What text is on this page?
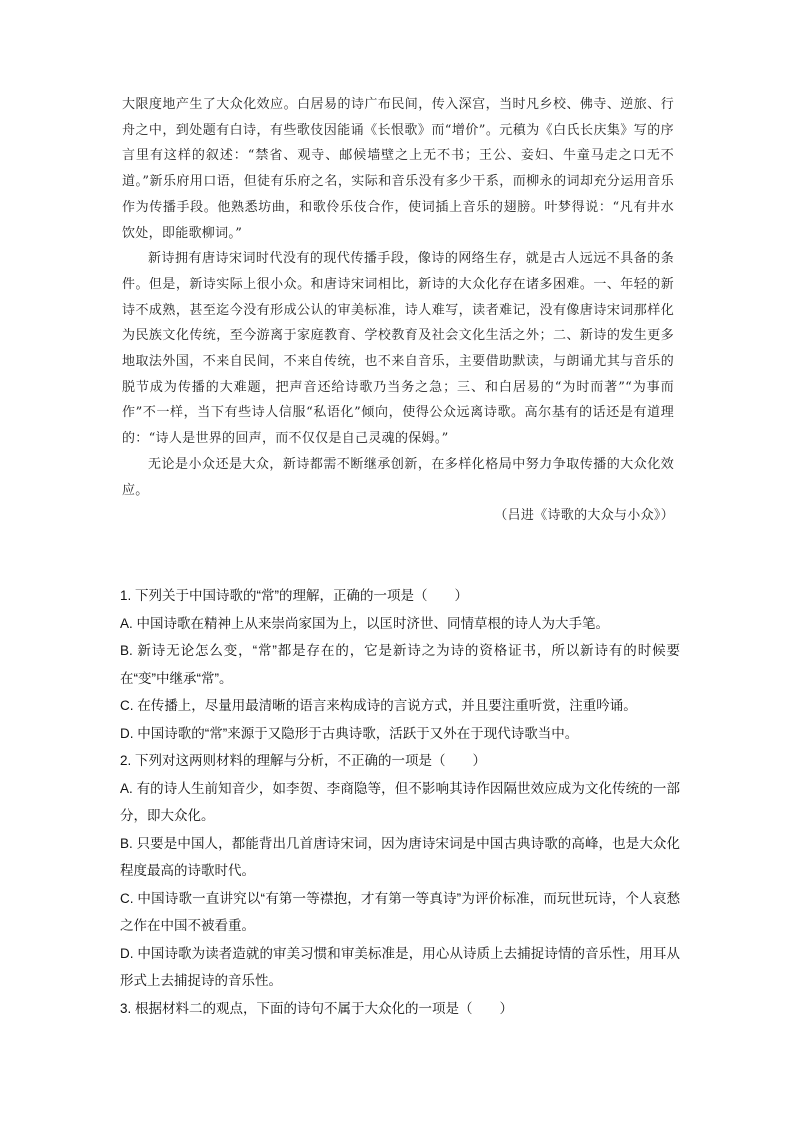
大限度地产生了大众化效应。白居易的诗广布民间，传入深宫，当时凡乡校、佛寺、逆旅、行舟之中，到处题有白诗，有些歌伎因能诵《长恨歌》而“增价”。元稹为《白氏长庆集》写的序言里有这样的叙述：“禁省、观寺、邮候墙壁之上无不书；王公、妾妇、牛童马走之口无不道。”新乐府用口语，但徒有乐府之名，实际和音乐没有多少干系，而柳永的词却充分运用音乐作为传播手段。他熟悉坊曲，和歌伶乐伎合作，使词插上音乐的翅膀。叶梦得说：“凡有井水饮处，即能歌柳词。”

新诗拥有唐诗宋词时代没有的现代传播手段，像诗的网络生存，就是古人远远不具备的条件。但是，新诗实际上很小众。和唐诗宋词相比，新诗的大众化存在诸多困难。一、年轻的新诗不成熟，甚至迄今没有形成公认的审美标准，诗人难写，读者难记，没有像唐诗宋词那样化为民族文化传统，至今游离于家庭教育、学校教育及社会文化生活之外；二、新诗的发生更多地取法外国，不来自民间，不来自传统，也不来自音乐，主要借助默读，与朗诵尤其与音乐的脱节成为传播的大难题，把声音还给诗歌乃当务之急；三、和白居易的“为时而著”“为事而作”不一样，当下有些诗人信服“私语化”倾向，使得公众远离诗歌。高尔基有的话还是有道理的：“诗人是世界的回声，而不仅仅是自己灵魂的保姆。”

无论是小众还是大众，新诗都需不断继承创新，在多样化格局中努力争取传播的大众化效应。

（吕进《诗歌的大众与小众》）

1. 下列关于中国诗歌的“常”的理解，正确的一项是（　　）

A. 中国诗歌在精神上从来崇尚家国为上，以匡时济世、同情草根的诗人为大手笔。

B. 新诗无论怎么变，“常”都是存在的，它是新诗之为诗的资格证书，所以新诗有的时候要在“变”中继承“常”。

C. 在传播上，尽量用最清晰的语言来构成诗的言说方式，并且要注重听赏，注重吟诵。

D. 中国诗歌的“常”来源于又隐形于古典诗歌，活跃于又外在于现代诗歌当中。

2. 下列对这两则材料的理解与分析，不正确的一项是（　　）

A. 有的诗人生前知音少，如李贺、李商隐等，但不影响其诗作因隔世效应成为文化传统的一部分，即大众化。

B. 只要是中国人，都能背出几首唐诗宋词，因为唐诗宋词是中国古典诗歌的高峰，也是大众化程度最高的诗歌时代。

C. 中国诗歌一直讲究以“有第一等襟抱，才有第一等真诗”为评价标准，而玩世玩诗，个人哀愁之作在中国不被看重。

D. 中国诗歌为读者造就的审美习惯和审美标准是，用心从诗质上去捕捉诗情的音乐性，用耳从形式上去捕捉诗的音乐性。

3. 根据材料二的观点，下面的诗句不属于大众化的一项是（　　）
